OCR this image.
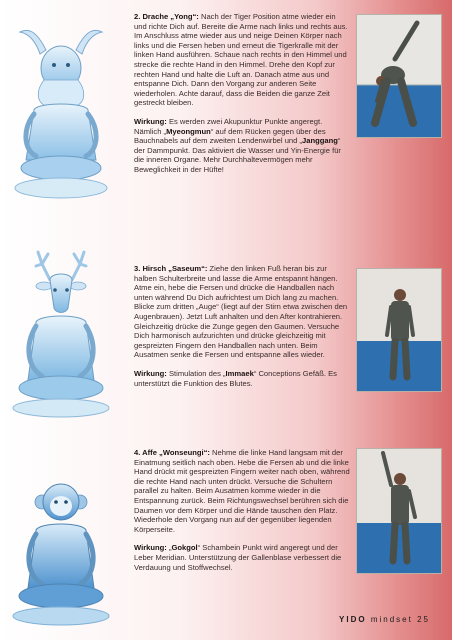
2. Drache „Yong“: Nach der Tiger Position atme wieder ein und richte Dich auf. Bereite die Arme nach links und rechts aus. Im Anschluss atme wieder aus und neige Deinen Körper nach links und die Fersen heben und erneut die Tigerkralle mit der linken Hand ausführen. Schaue nach rechts in den Himmel und strecke die rechte Hand in den Himmel. Drehe den Kopf zur rechten Hand und halte die Luft an. Danach atme aus und entspanne Dich. Dann den Vorgang zur anderen Seite wiederholen. Achte darauf, dass die Beiden die ganze Zeit gestreckt bleiben.

Wirkung: Es werden zwei Akupunktur Punkte angeregt. Nämlich „Myeongmun“ auf dem Rücken gegen über des Bauchnabels auf dem zweiten Lendenwirbel und „Janggang“ der Dammpunkt. Das aktiviert die Wasser und Yin-Energie für die inneren Organe. Mehr Durchhaltevermögen mehr Beweglichkeit in der Hüfte!

3. Hirsch „Saseum“: Ziehe den linken Fuß heran bis zur halben Schulterbreite und lasse die Arme entspannt hängen. Atme ein, hebe die Fersen und drücke die Handballen nach unten während Du Dich aufrichtest um Dich lang zu machen. Blicke zum dritten „Auge“ (liegt auf der Stirn etwa zwischen den Augenbrauen). Jetzt Luft anhalten und den After kontrahieren. Gleichzeitig drücke die Zunge gegen den Gaumen. Versuche Dich harmonisch aufzurichten und drücke gleichzeitig mit gespreizten Fingern den Handballen nach unten. Beim Ausatmen senke die Fersen und entspanne alles wieder.

Wirkung: Stimulation des „Immaek“ Conceptions Gefäß. Es unterstützt die Funktion des Blutes.

4. Affe „Wonseungi“: Nehme die linke Hand langsam mit der Einatmung seitlich nach oben. Hebe die Fersen ab und die linke Hand drückt mit gespreizten Fingern weiter nach oben, während die rechte Hand nach unten drückt. Versuche die Schultern parallel zu halten. Beim Ausatmen komme wieder in die Entspannung zurück. Beim Richtungswechsel berühren sich die Daumen vor dem Körper und die Hände tauschen den Platz. Wiederhole den Vorgang nun auf der gegenüber liegenden Körperseite.

Wirkung: „Gokgol“ Schambein Punkt wird angeregt und der Leber Meridian. Unterstützung der Gallenblase verbessert die Verdauung und Stoffwechsel.

YIDO mindset 25
